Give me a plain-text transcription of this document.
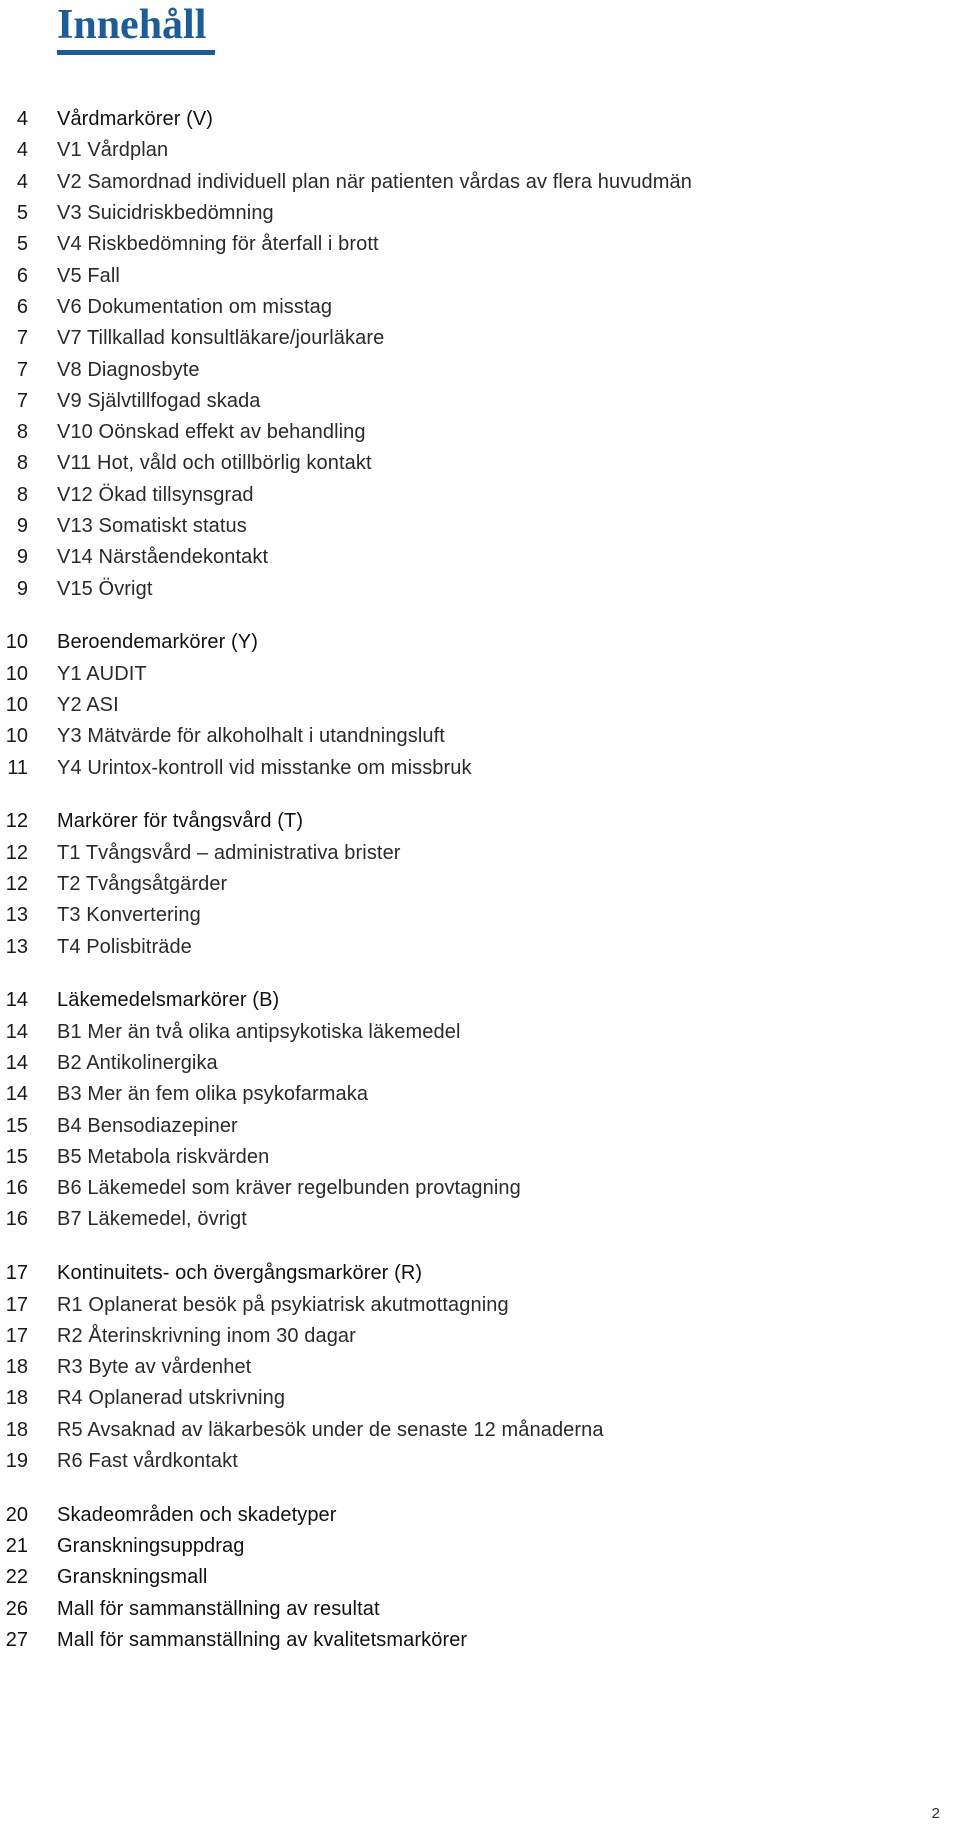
Innehåll
4 Vårdmarkörer (V)
4 V1 Vårdplan
4 V2 Samordnad individuell plan när patienten vårdas av flera huvudmän
5 V3 Suicidriskbedömning
5 V4 Riskbedömning för återfall i brott
6 V5 Fall
6 V6 Dokumentation om misstag
7 V7 Tillkallad konsultläkare/jourläkare
7 V8 Diagnosbyte
7 V9 Självtillfogad skada
8 V10 Oönskad effekt av behandling
8 V11 Hot, våld och otillbörlig kontakt
8 V12 Ökad tillsynsgrad
9 V13 Somatiskt status
9 V14 Närståendekontakt
9 V15 Övrigt
10 Beroendemarkörer (Y)
10 Y1 AUDIT
10 Y2 ASI
10 Y3 Mätvärde för alkoholhalt i utandningsluft
11 Y4 Urintox-kontroll vid misstanke om missbruk
12 Markörer för tvångsvård (T)
12 T1 Tvångsvård – administrativa brister
12 T2 Tvångsåtgärder
13 T3 Konvertering
13 T4 Polisbiträde
14 Läkemedelsmarkörer (B)
14 B1 Mer än två olika antipsykotiska läkemedel
14 B2 Antikolinergika
14 B3 Mer än fem olika psykofarmaka
15 B4 Bensodiazepiner
15 B5 Metabola riskvärden
16 B6 Läkemedel som kräver regelbunden provtagning
16 B7 Läkemedel, övrigt
17 Kontinuitets- och övergångsmarkörer (R)
17 R1 Oplanerat besök på psykiatrisk akutmottagning
17 R2 Återinskrivning inom 30 dagar
18 R3 Byte av vårdenhet
18 R4 Oplanerad utskrivning
18 R5 Avsaknad av läkarbesök under de senaste 12 månaderna
19 R6 Fast vårdkontakt
20 Skadeområden och skadetyper
21 Granskningsuppdrag
22 Granskningsmall
26 Mall för sammanställning av resultat
27 Mall för sammanställning av kvalitetsmarkörer
2
